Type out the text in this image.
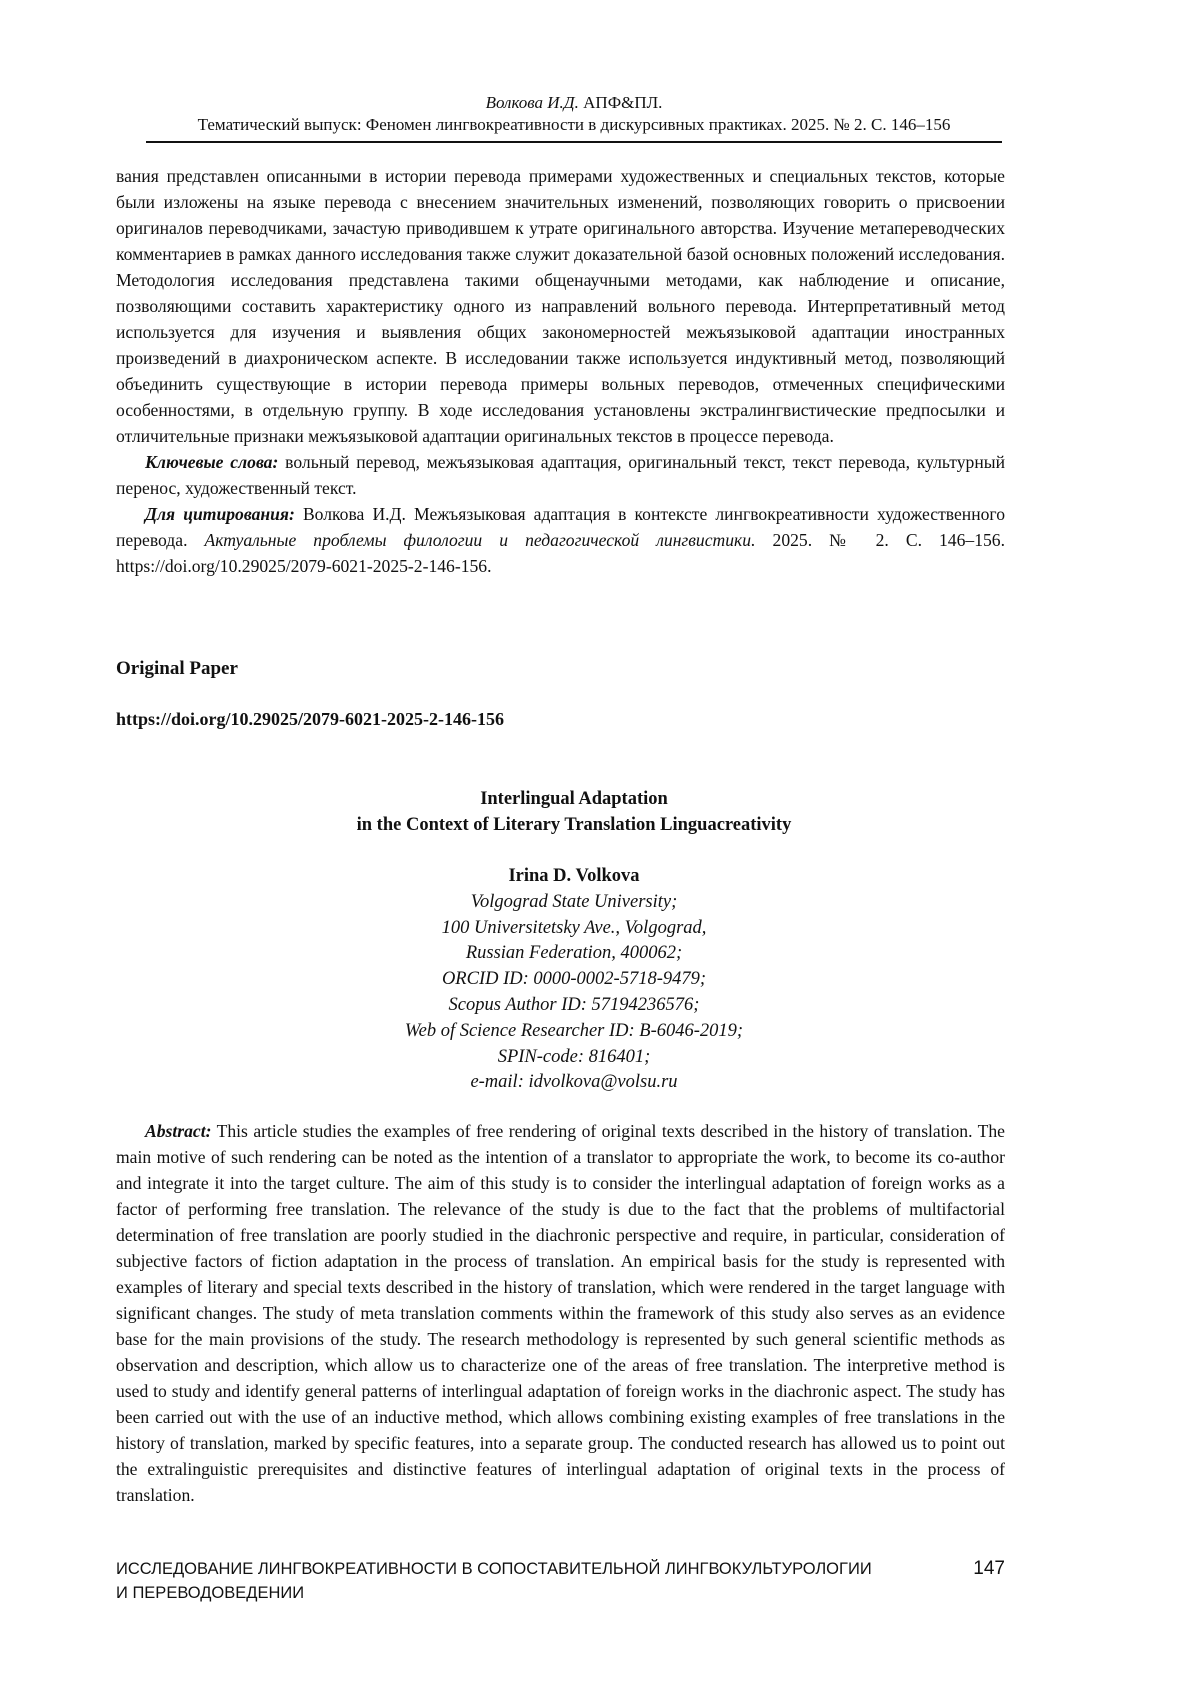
Волкова И.Д. АПФ&ПЛ.
Тематический выпуск: Феномен лингвокреативности в дискурсивных практиках. 2025. № 2. С. 146–156

вания представлен описанными в истории перевода примерами художественных и специальных текстов, которые были изложены на языке перевода с внесением значительных изменений, позволяющих говорить о присвоении оригиналов переводчиками, зачастую приводившем к утрате оригинального авторства. Изучение метапереводческих комментариев в рамках данного исследования также служит доказательной базой основных положений исследования. Методология исследования представлена такими общенаучными методами, как наблюдение и описание, позволяющими составить характеристику одного из направлений вольного перевода. Интерпретативный метод используется для изучения и выявления общих закономерностей межъязыковой адаптации иностранных произведений в диахроническом аспекте. В исследовании также используется индуктивный метод, позволяющий объединить существующие в истории перевода примеры вольных переводов, отмеченных специфическими особенностями, в отдельную группу. В ходе исследования установлены экстралингвистические предпосылки и отличительные признаки межъязыковой адаптации оригинальных текстов в процессе перевода.

Ключевые слова: вольный перевод, межъязыковая адаптация, оригинальный текст, текст перевода, культурный перенос, художественный текст.

Для цитирования: Волкова И.Д. Межъязыковая адаптация в контексте лингвокреативности художественного перевода. Актуальные проблемы филологии и педагогической лингвистики. 2025. № 2. С. 146–156. https://doi.org/10.29025/2079-6021-2025-2-146-156.

Original Paper
https://doi.org/10.29025/2079-6021-2025-2-146-156
Interlingual Adaptation
in the Context of Literary Translation Linguacreativity
Irina D. Volkova
Volgograd State University;
100 Universitetsky Ave., Volgograd,
Russian Federation, 400062;
ORCID ID: 0000-0002-5718-9479;
Scopus Author ID: 57194236576;
Web of Science Researcher ID: B-6046-2019;
SPIN-code: 816401;
e-mail: idvolkova@volsu.ru

Abstract: This article studies the examples of free rendering of original texts described in the history of translation. The main motive of such rendering can be noted as the intention of a translator to appropriate the work, to become its co-author and integrate it into the target culture. The aim of this study is to consider the interlingual adaptation of foreign works as a factor of performing free translation. The relevance of the study is due to the fact that the problems of multifactorial determination of free translation are poorly studied in the diachronic perspective and require, in particular, consideration of subjective factors of fiction adaptation in the process of translation. An empirical basis for the study is represented with examples of literary and special texts described in the history of translation, which were rendered in the target language with significant changes. The study of meta translation comments within the framework of this study also serves as an evidence base for the main provisions of the study. The research methodology is represented by such general scientific methods as observation and description, which allow us to characterize one of the areas of free translation. The interpretive method is used to study and identify general patterns of interlingual adaptation of foreign works in the diachronic aspect. The study has been carried out with the use of an inductive method, which allows combining existing examples of free translations in the history of translation, marked by specific features, into a separate group. The conducted research has allowed us to point out the extralinguistic prerequisites and distinctive features of interlingual adaptation of original texts in the process of translation.

ИССЛЕДОВАНИЕ ЛИНГВОКРЕАТИВНОСТИ В СОПОСТАВИТЕЛЬНОЙ ЛИНГВОКУЛЬТУРОЛОГИИ
И ПЕРЕВОДОВЕДЕНИИ
147
